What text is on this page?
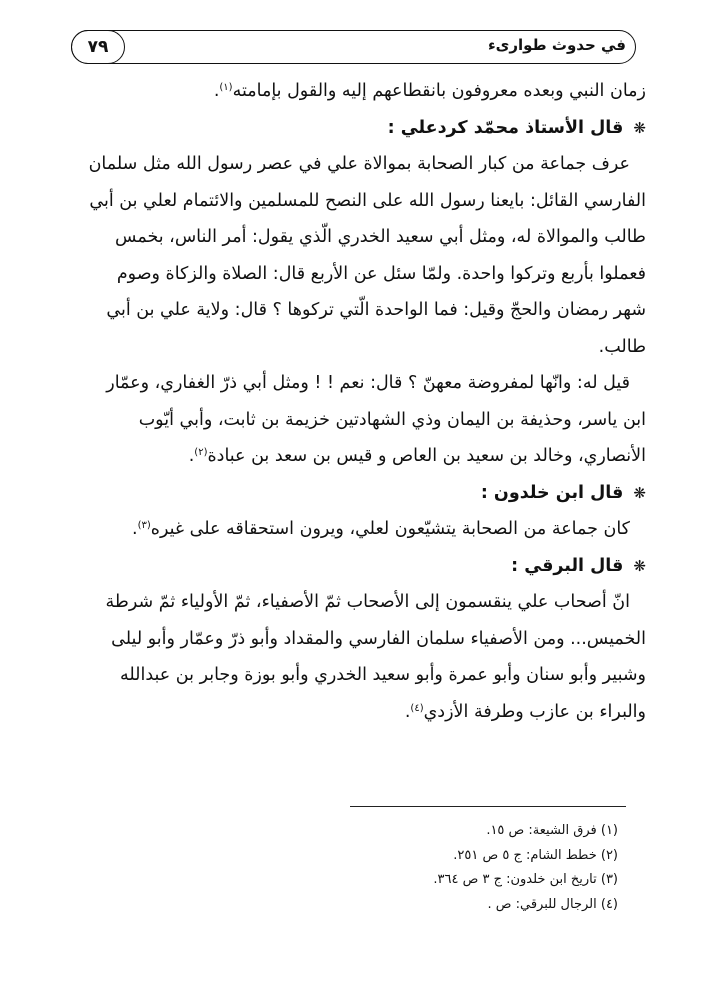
٧٩	في حدوث طوارىء
زمان النبي وبعده معروفون بانقطاعهم إليه والقول بإمامته$^{(١)}$.
❋ قال الأستاذ محمّد كردعلي :
عرف جماعة من كبار الصحابة بموالاة علي في عصر رسول الله مثل سلمان
الفارسي القائل: بايعنا رسول الله على النصح للمسلمين والائتمام لعلي بن أبي
طالب والموالاة له، ومثل أبي سعيد الخدري الّذي يقول: أمر الناس، بخمس
فعملوا بأربع وتركوا واحدة. ولمّا سئل عن الأربع قال: الصلاة والزكاة وصوم
شهر رمضان والحجّ وقيل: فما الواحدة الّتي تركوها ؟ قال: ولاية علي بن أبي
طالب.
قيل له: وانّها لمفروضة معهنّ ؟ قال: نعم ! ! ومثل أبي ذرّ الغفاري، وعمّار
ابن ياسر، وحذيفة بن اليمان وذي الشهادتين خزيمة بن ثابت، وأبي أيّوب
الأنصاري، وخالد بن سعيد بن العاص و قيس بن سعد بن عبادة$^{(٢)}$.
❋ قال ابن خلدون :
كان جماعة من الصحابة يتشيّعون لعلي، ويرون استحقاقه على غيره$^{(٣)}$.
❋ قال البرقي :
انّ أصحاب علي ينقسمون إلى الأصحاب ثمّ الأصفياء، ثمّ الأولياء ثمّ شرطة
الخميس... ومن الأصفياء سلمان الفارسي والمقداد وأبو ذرّ وعمّار وأبو ليلى
وشبير وأبو سنان وأبو عمرة وأبو سعيد الخدري وأبو بوزة وجابر بن عبدالله
والبراء بن عازب وطرفة الأزدي$^{(٤)}$.
(١) فرق الشيعة: ص ١٥.
(٢) خطط الشام: ج ٥ ص ٢٥١.
(٣) تاريخ ابن خلدون: ج ٣ ص ٣٦٤.
(٤) الرجال للبرقي: ص .
